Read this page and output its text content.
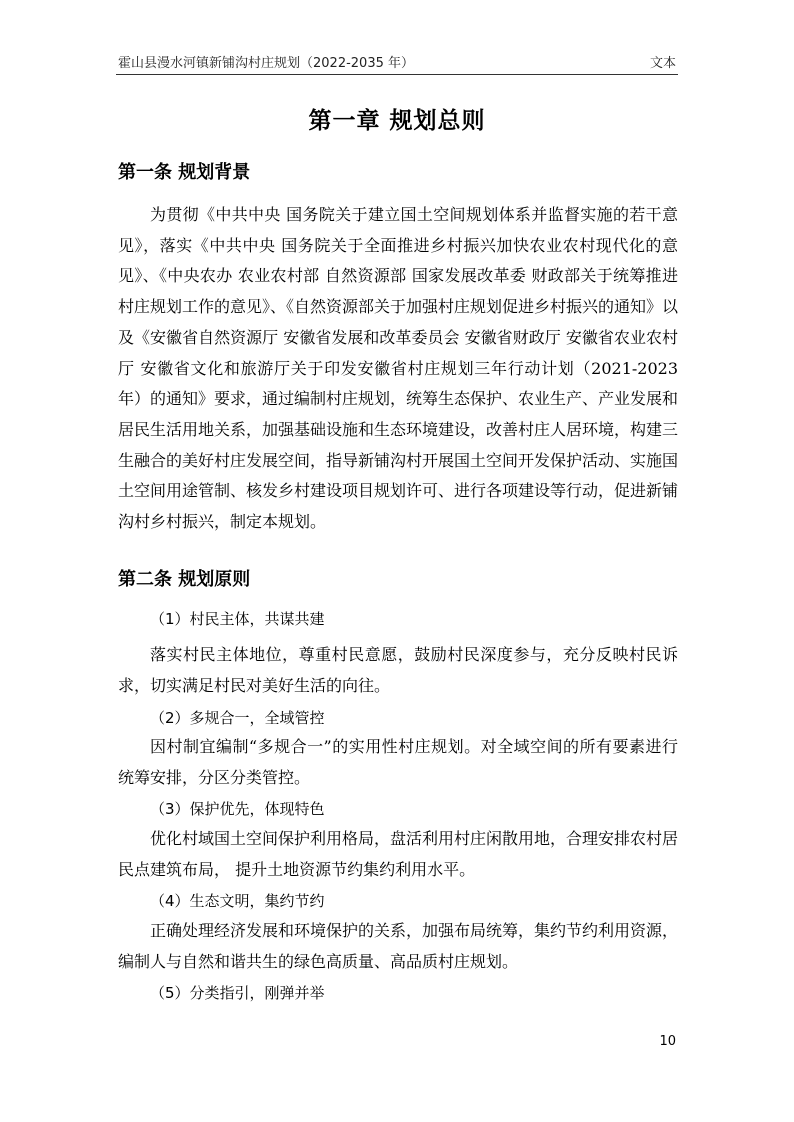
霍山县漫水河镇新铺沟村庄规划（2022-2035 年）	文本
第一章 规划总则
第一条 规划背景
为贯彻《中共中央 国务院关于建立国土空间规划体系并监督实施的若干意见》，落实《中共中央 国务院关于全面推进乡村振兴加快农业农村现代化的意见》、《中央农办 农业农村部 自然资源部 国家发展改革委 财政部关于统筹推进村庄规划工作的意见》、《自然资源部关于加强村庄规划促进乡村振兴的通知》以及《安徽省自然资源厅 安徽省发展和改革委员会 安徽省财政厅 安徽省农业农村厅 安徽省文化和旅游厅关于印发安徽省村庄规划三年行动计划（2021-2023年）的通知》要求，通过编制村庄规划，统筹生态保护、农业生产、产业发展和居民生活用地关系，加强基础设施和生态环境建设，改善村庄人居环境，构建三生融合的美好村庄发展空间，指导新铺沟村开展国土空间开发保护活动、实施国土空间用途管制、核发乡村建设项目规划许可、进行各项建设等行动，促进新铺沟村乡村振兴，制定本规划。
第二条 规划原则
（1）村民主体，共谋共建
落实村民主体地位，尊重村民意愿，鼓励村民深度参与，充分反映村民诉求，切实满足村民对美好生活的向往。
（2）多规合一，全域管控
因村制宜编制“多规合一”的实用性村庄规划。对全域空间的所有要素进行统筹安排，分区分类管控。
（3）保护优先，体现特色
优化村域国土空间保护利用格局，盘活利用村庄闲散用地，合理安排农村居民点建筑布局， 提升土地资源节约集约利用水平。
（4）生态文明，集约节约
正确处理经济发展和环境保护的关系，加强布局统筹，集约节约利用资源，编制人与自然和谐共生的绿色高质量、高品质村庄规划。
（5）分类指引，刚弹并举
10
